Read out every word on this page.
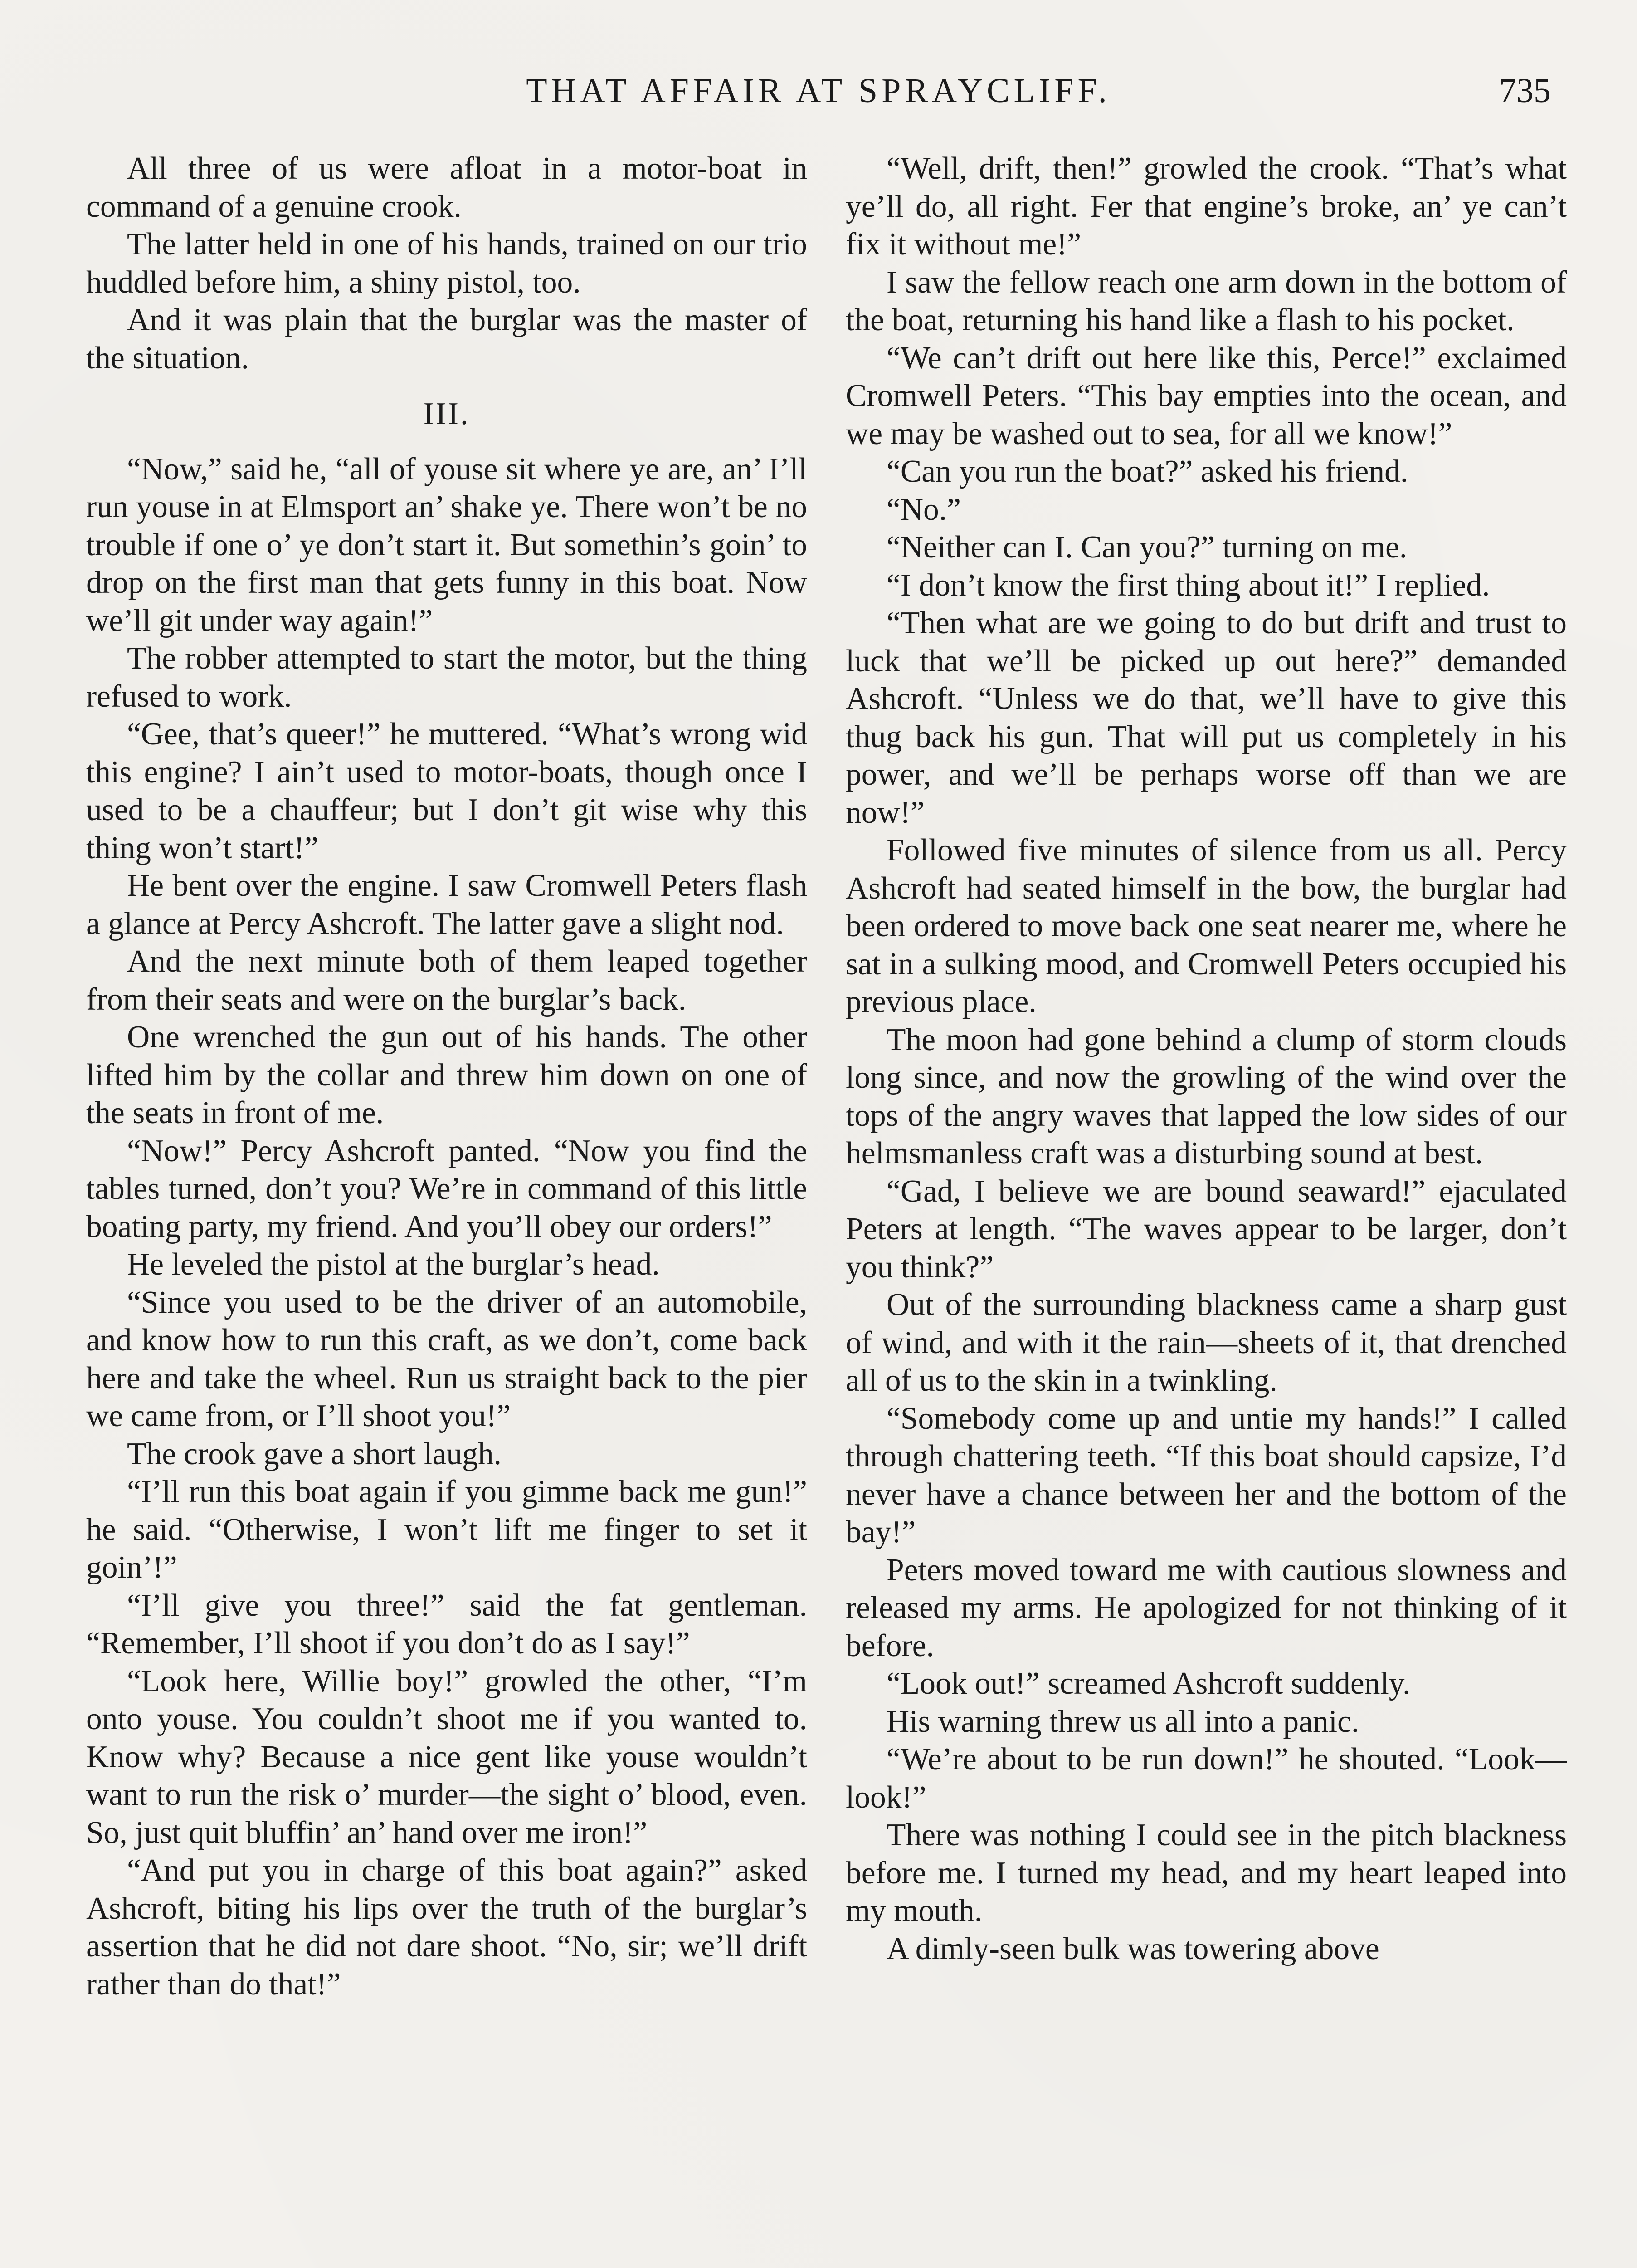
THAT AFFAIR AT SPRAYCLIFF.	735

All three of us were afloat in a motor-boat in command of a genuine crook.

The latter held in one of his hands, trained on our trio huddled before him, a shiny pistol, too.

And it was plain that the burglar was the master of the situation.

III.

“Now,” said he, “all of youse sit where ye are, an’ I’ll run youse in at Elmsport an’ shake ye. There won’t be no trouble if one o’ ye don’t start it. But somethin’s goin’ to drop on the first man that gets funny in this boat. Now we’ll git under way again!”

The robber attempted to start the motor, but the thing refused to work.

“Gee, that’s queer!” he muttered. “What’s wrong wid this engine? I ain’t used to motor-boats, though once I used to be a chauffeur; but I don’t git wise why this thing won’t start!”

He bent over the engine. I saw Cromwell Peters flash a glance at Percy Ashcroft. The latter gave a slight nod.

And the next minute both of them leaped together from their seats and were on the burglar’s back.

One wrenched the gun out of his hands. The other lifted him by the collar and threw him down on one of the seats in front of me.

“Now!” Percy Ashcroft panted. “Now you find the tables turned, don’t you? We’re in command of this little boating party, my friend. And you’ll obey our orders!”

He leveled the pistol at the burglar’s head.

“Since you used to be the driver of an automobile, and know how to run this craft, as we don’t, come back here and take the wheel. Run us straight back to the pier we came from, or I’ll shoot you!”

The crook gave a short laugh.

“I’ll run this boat again if you gimme back me gun!” he said. “Otherwise, I won’t lift me finger to set it goin’!”

“I’ll give you three!” said the fat gentleman. “Remember, I’ll shoot if you don’t do as I say!”

“Look here, Willie boy!” growled the other, “I’m onto youse. You couldn’t shoot me if you wanted to. Know why? Because a nice gent like youse wouldn’t want to run the risk o’ murder—the sight o’ blood, even. So, just quit bluffin’ an’ hand over me iron!”

“And put you in charge of this boat again?” asked Ashcroft, biting his lips over the truth of the burglar’s assertion that he did not dare shoot. “No, sir; we’ll drift rather than do that!”

“Well, drift, then!” growled the crook. “That’s what ye’ll do, all right. Fer that engine’s broke, an’ ye can’t fix it without me!”

I saw the fellow reach one arm down in the bottom of the boat, returning his hand like a flash to his pocket.

“We can’t drift out here like this, Perce!” exclaimed Cromwell Peters. “This bay empties into the ocean, and we may be washed out to sea, for all we know!”

“Can you run the boat?” asked his friend.

“No.”

“Neither can I. Can you?” turning on me.

“I don’t know the first thing about it!” I replied.

“Then what are we going to do but drift and trust to luck that we’ll be picked up out here?” demanded Ashcroft. “Unless we do that, we’ll have to give this thug back his gun. That will put us completely in his power, and we’ll be perhaps worse off than we are now!”

Followed five minutes of silence from us all. Percy Ashcroft had seated himself in the bow, the burglar had been ordered to move back one seat nearer me, where he sat in a sulking mood, and Cromwell Peters occupied his previous place.

The moon had gone behind a clump of storm clouds long since, and now the growling of the wind over the tops of the angry waves that lapped the low sides of our helmsmanless craft was a disturbing sound at best.

“Gad, I believe we are bound seaward!” ejaculated Peters at length. “The waves appear to be larger, don’t you think?”

Out of the surrounding blackness came a sharp gust of wind, and with it the rain—sheets of it, that drenched all of us to the skin in a twinkling.

“Somebody come up and untie my hands!” I called through chattering teeth. “If this boat should capsize, I’d never have a chance between her and the bottom of the bay!”

Peters moved toward me with cautious slowness and released my arms. He apologized for not thinking of it before.

“Look out!” screamed Ashcroft suddenly.

His warning threw us all into a panic.

“We’re about to be run down!” he shouted. “Look—look!”

There was nothing I could see in the pitch blackness before me. I turned my head, and my heart leaped into my mouth.

A dimly-seen bulk was towering above
